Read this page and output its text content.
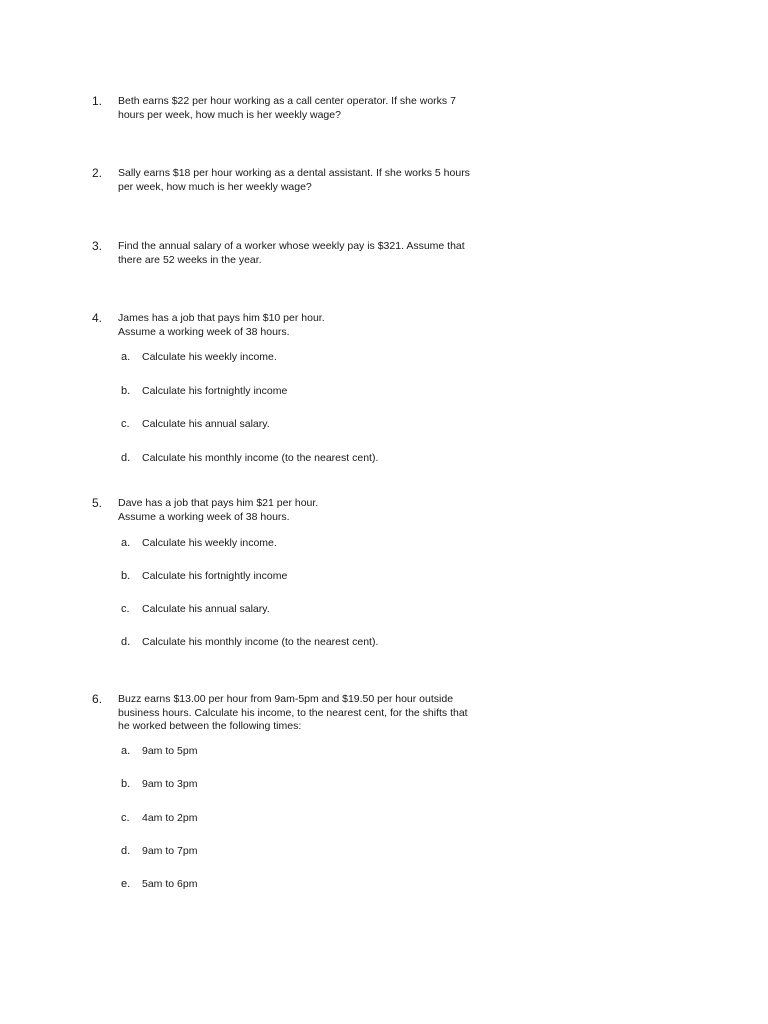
1. Beth earns $22 per hour working as a call center operator. If she works 7
hours per week, how much is her weekly wage?
2. Sally earns $18 per hour working as a dental assistant. If she works 5 hours
per week, how much is her weekly wage?
3. Find the annual salary of a worker whose weekly pay is $321. Assume that
there are 52 weeks in the year.
4. James has a job that pays him $10 per hour.
Assume a working week of 38 hours.
a. Calculate his weekly income.
b. Calculate his fortnightly income
c. Calculate his annual salary.
d. Calculate his monthly income (to the nearest cent).
5. Dave has a job that pays him $21 per hour.
Assume a working week of 38 hours.
a. Calculate his weekly income.
b. Calculate his fortnightly income
c. Calculate his annual salary.
d. Calculate his monthly income (to the nearest cent).
6. Buzz earns $13.00 per hour from 9am-5pm and $19.50 per hour outside
business hours. Calculate his income, to the nearest cent, for the shifts that
he worked between the following times:
a. 9am to 5pm
b. 9am to 3pm
c. 4am to 2pm
d. 9am to 7pm
e. 5am to 6pm
